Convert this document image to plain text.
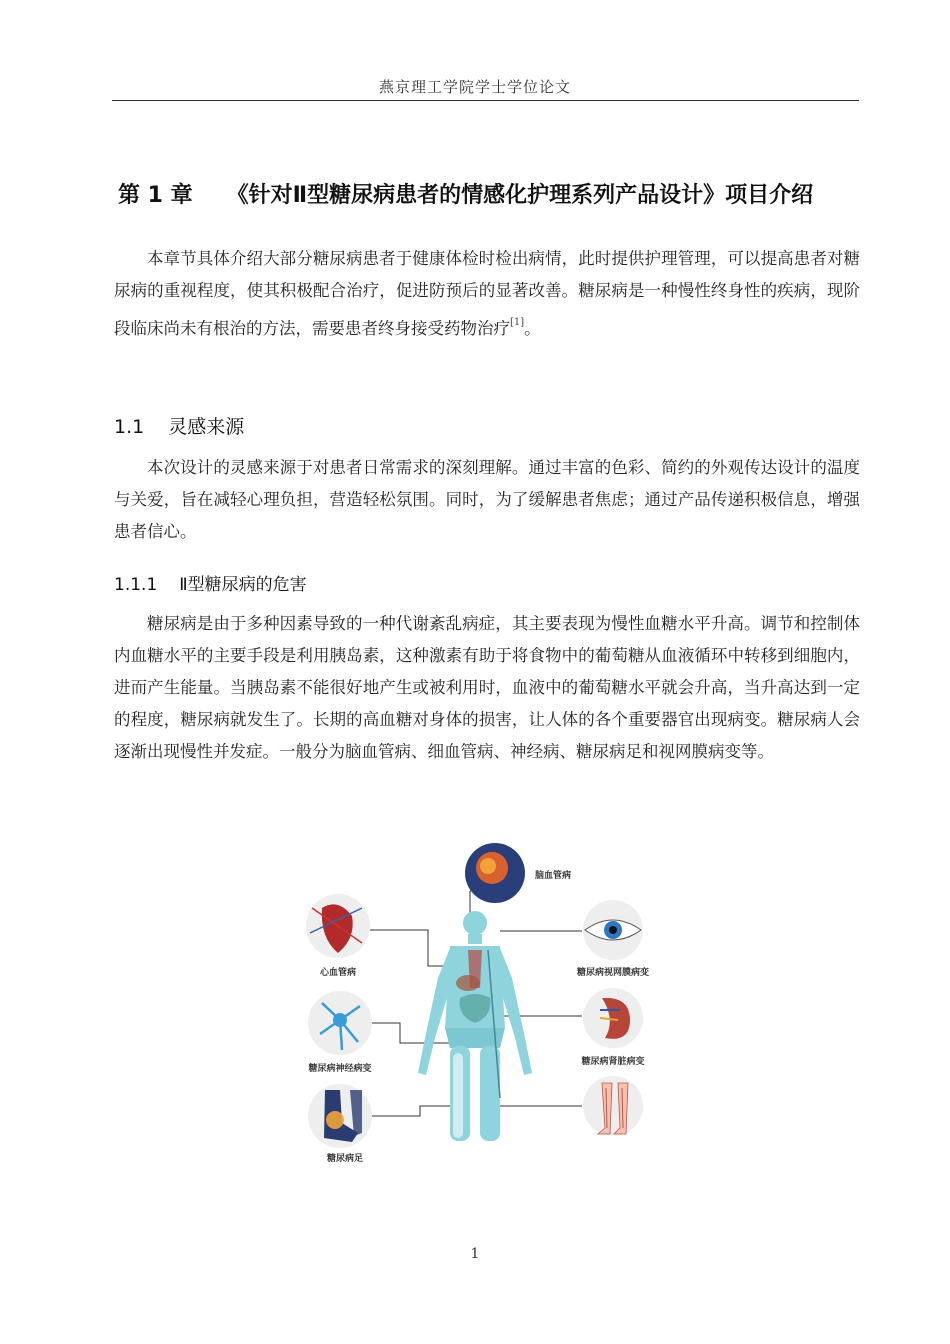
燕京理工学院学士学位论文
第 1 章 《针对Ⅱ型糖尿病患者的情感化护理系列产品设计》项目介绍
本章节具体介绍大部分糖尿病患者于健康体检时检出病情，此时提供护理管理，可以提高患者对糖尿病的重视程度，使其积极配合治疗，促进防预后的显著改善。糖尿病是一种慢性终身性的疾病，现阶段临床尚未有根治的方法，需要患者终身接受药物治疗[1]。
1.1 灵感来源
本次设计的灵感来源于对患者日常需求的深刻理解。通过丰富的色彩、简约的外观传达设计的温度与关爱，旨在减轻心理负担，营造轻松氛围。同时，为了缓解患者焦虑；通过产品传递积极信息，增强患者信心。
1.1.1 Ⅱ型糖尿病的危害
糖尿病是由于多种因素导致的一种代谢紊乱病症，其主要表现为慢性血糖水平升高。调节和控制体内血糖水平的主要手段是利用胰岛素，这种激素有助于将食物中的葡萄糖从血液循环中转移到细胞内，进而产生能量。当胰岛素不能很好地产生或被利用时，血液中的葡萄糖水平就会升高，当升高达到一定的程度，糖尿病就发生了。长期的高血糖对身体的损害，让人体的各个重要器官出现病变。糖尿病人会逐渐出现慢性并发症。一般分为脑血管病、细血管病、神经病、糖尿病足和视网膜病变等。
脑血管病
心血管病	糖尿病视网膜病变
糖尿病肾脏病变
糖尿病神经病变
糖尿病足
1
